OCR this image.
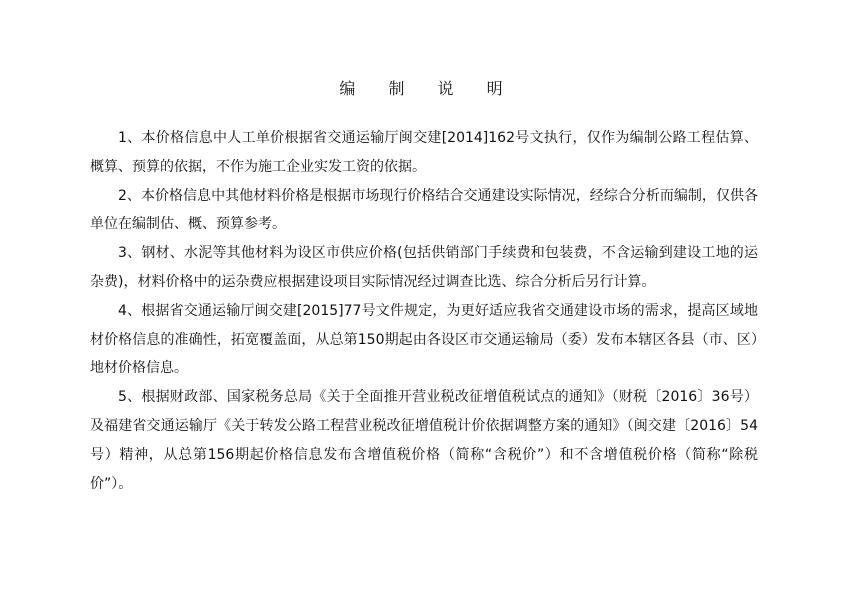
编 制 说 明

1、本价格信息中人工单价根据省交通运输厅闽交建[2014]162号文执行，仅作为编制公路工程估算、概算、预算的依据，不作为施工企业实发工资的依据。

2、本价格信息中其他材料价格是根据市场现行价格结合交通建设实际情况，经综合分析而编制，仅供各单位在编制估、概、预算参考。

3、钢材、水泥等其他材料为设区市供应价格(包括供销部门手续费和包装费，不含运输到建设工地的运杂费)，材料价格中的运杂费应根据建设项目实际情况经过调查比选、综合分析后另行计算。

4、根据省交通运输厅闽交建[2015]77号文件规定，为更好适应我省交通建设市场的需求，提高区域地材价格信息的准确性，拓宽覆盖面，从总第150期起由各设区市交通运输局（委）发布本辖区各县（市、区）地材价格信息。

5、根据财政部、国家税务总局《关于全面推开营业税改征增值税试点的通知》（财税〔2016〕36号）及福建省交通运输厅《关于转发公路工程营业税改征增值税计价依据调整方案的通知》（闽交建〔2016〕54号）精神，从总第156期起价格信息发布含增值税价格（简称“含税价”）和不含增值税价格（简称“除税价”）。
